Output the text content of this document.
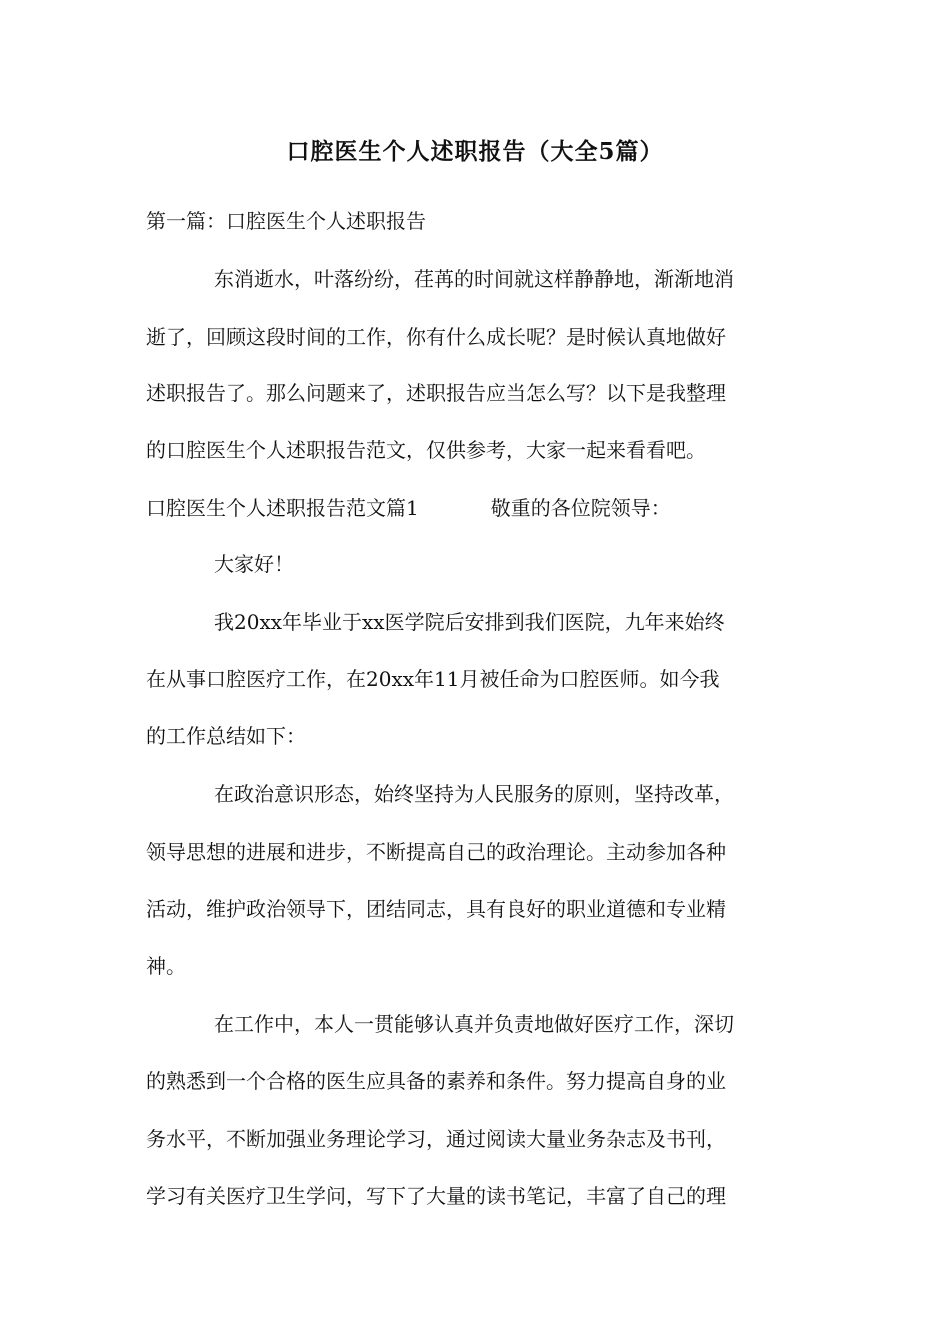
口腔医生个人述职报告（大全5篇）
第一篇：口腔医生个人述职报告
东消逝水，叶落纷纷，荏苒的时间就这样静静地，渐渐地消
逝了，回顾这段时间的工作，你有什么成长呢？是时候认真地做好
述职报告了。那么问题来了，述职报告应当怎么写？以下是我整理
的口腔医生个人述职报告范文，仅供参考，大家一起来看看吧。
口腔医生个人述职报告范文篇1	敬重的各位院领导：
大家好！
我20xx年毕业于xx医学院后安排到我们医院，九年来始终
在从事口腔医疗工作，在20xx年11月被任命为口腔医师。如今我
的工作总结如下：
在政治意识形态，始终坚持为人民服务的原则，坚持改革，
领导思想的进展和进步，不断提高自己的政治理论。主动参加各种
活动，维护政治领导下，团结同志，具有良好的职业道德和专业精
神。
在工作中，本人一贯能够认真并负责地做好医疗工作，深切
的熟悉到一个合格的医生应具备的素养和条件。努力提高自身的业
务水平，不断加强业务理论学习，通过阅读大量业务杂志及书刊，
学习有关医疗卫生学问，写下了大量的读书笔记，丰富了自己的理
